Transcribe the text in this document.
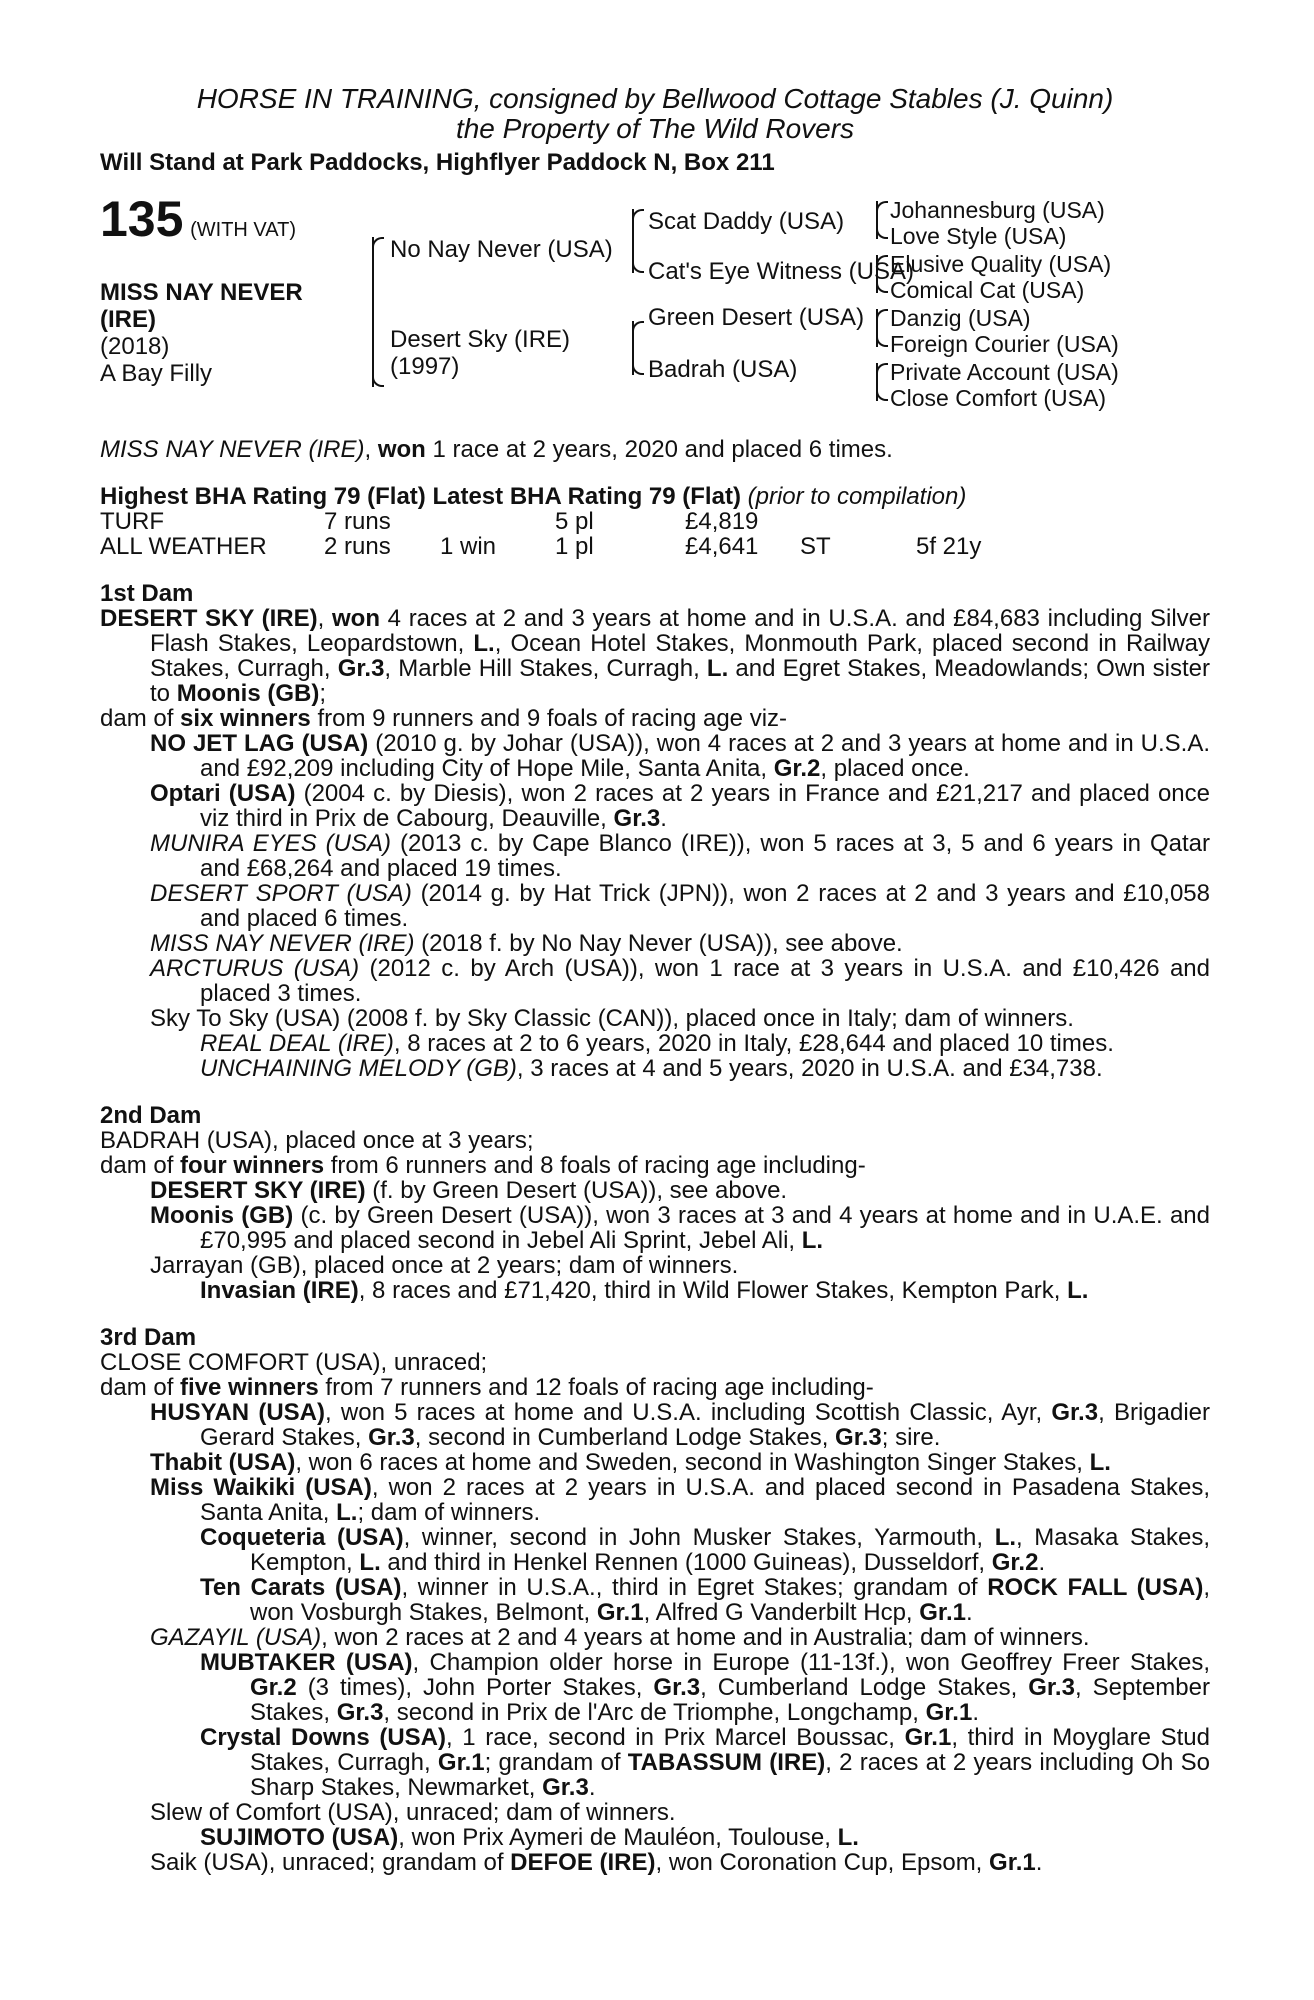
HORSE IN TRAINING, consigned by Bellwood Cottage Stables (J. Quinn)
the Property of The Wild Rovers
Will Stand at Park Paddocks, Highflyer Paddock N, Box 211
135 (WITH VAT)
MISS NAY NEVER
(IRE)
(2018)
A Bay Filly
No Nay Never (USA)
Desert Sky (IRE)
(1997)
Scat Daddy (USA)
Cat's Eye Witness (USA)
Green Desert (USA)
Badrah (USA)
Johannesburg (USA)
Love Style (USA)
Elusive Quality (USA)
Comical Cat (USA)
Danzig (USA)
Foreign Courier (USA)
Private Account (USA)
Close Comfort (USA)

MISS NAY NEVER (IRE), won 1 race at 2 years, 2020 and placed 6 times.

Highest BHA Rating 79 (Flat) Latest BHA Rating 79 (Flat) (prior to compilation)

TURF	7 runs	5 pl	£4,819
ALL WEATHER 2 runs 1 win 1 pl	£4,641 ST	5f 21y

1st Dam

DESERT SKY (IRE), won 4 races at 2 and 3 years at home and in U.S.A. and £84,683 including Silver Flash Stakes, Leopardstown, L., Ocean Hotel Stakes, Monmouth Park, placed second in Railway Stakes, Curragh, Gr.3, Marble Hill Stakes, Curragh, L. and Egret Stakes, Meadowlands; Own sister to Moonis (GB);

dam of six winners from 9 runners and 9 foals of racing age viz-

NO JET LAG (USA) (2010 g. by Johar (USA)), won 4 races at 2 and 3 years at home and in U.S.A. and £92,209 including City of Hope Mile, Santa Anita, Gr.2, placed once.

Optari (USA) (2004 c. by Diesis), won 2 races at 2 years in France and £21,217 and placed once viz third in Prix de Cabourg, Deauville, Gr.3.

MUNIRA EYES (USA) (2013 c. by Cape Blanco (IRE)), won 5 races at 3, 5 and 6 years in Qatar and £68,264 and placed 19 times.

DESERT SPORT (USA) (2014 g. by Hat Trick (JPN)), won 2 races at 2 and 3 years and £10,058 and placed 6 times.

MISS NAY NEVER (IRE) (2018 f. by No Nay Never (USA)), see above.

ARCTURUS (USA) (2012 c. by Arch (USA)), won 1 race at 3 years in U.S.A. and £10,426 and placed 3 times.

Sky To Sky (USA) (2008 f. by Sky Classic (CAN)), placed once in Italy; dam of winners.

REAL DEAL (IRE), 8 races at 2 to 6 years, 2020 in Italy, £28,644 and placed 10 times.

UNCHAINING MELODY (GB), 3 races at 4 and 5 years, 2020 in U.S.A. and £34,738.

2nd Dam

BADRAH (USA), placed once at 3 years;

dam of four winners from 6 runners and 8 foals of racing age including-

DESERT SKY (IRE) (f. by Green Desert (USA)), see above.

Moonis (GB) (c. by Green Desert (USA)), won 3 races at 3 and 4 years at home and in U.A.E. and £70,995 and placed second in Jebel Ali Sprint, Jebel Ali, L.

Jarrayan (GB), placed once at 2 years; dam of winners.

Invasian (IRE), 8 races and £71,420, third in Wild Flower Stakes, Kempton Park, L.

3rd Dam

CLOSE COMFORT (USA), unraced;

dam of five winners from 7 runners and 12 foals of racing age including-

HUSYAN (USA), won 5 races at home and U.S.A. including Scottish Classic, Ayr, Gr.3, Brigadier Gerard Stakes, Gr.3, second in Cumberland Lodge Stakes, Gr.3; sire.

Thabit (USA), won 6 races at home and Sweden, second in Washington Singer Stakes, L.

Miss Waikiki (USA), won 2 races at 2 years in U.S.A. and placed second in Pasadena Stakes, Santa Anita, L.; dam of winners.

Coqueteria (USA), winner, second in John Musker Stakes, Yarmouth, L., Masaka Stakes, Kempton, L. and third in Henkel Rennen (1000 Guineas), Dusseldorf, Gr.2.

Ten Carats (USA), winner in U.S.A., third in Egret Stakes; grandam of ROCK FALL (USA), won Vosburgh Stakes, Belmont, Gr.1, Alfred G Vanderbilt Hcp, Gr.1.

GAZAYIL (USA), won 2 races at 2 and 4 years at home and in Australia; dam of winners.

MUBTAKER (USA), Champion older horse in Europe (11-13f.), won Geoffrey Freer Stakes, Gr.2 (3 times), John Porter Stakes, Gr.3, Cumberland Lodge Stakes, Gr.3, September Stakes, Gr.3, second in Prix de l'Arc de Triomphe, Longchamp, Gr.1.

Crystal Downs (USA), 1 race, second in Prix Marcel Boussac, Gr.1, third in Moyglare Stud Stakes, Curragh, Gr.1; grandam of TABASSUM (IRE), 2 races at 2 years including Oh So Sharp Stakes, Newmarket, Gr.3.

Slew of Comfort (USA), unraced; dam of winners.

SUJIMOTO (USA), won Prix Aymeri de Mauléon, Toulouse, L.

Saik (USA), unraced; grandam of DEFOE (IRE), won Coronation Cup, Epsom, Gr.1.
